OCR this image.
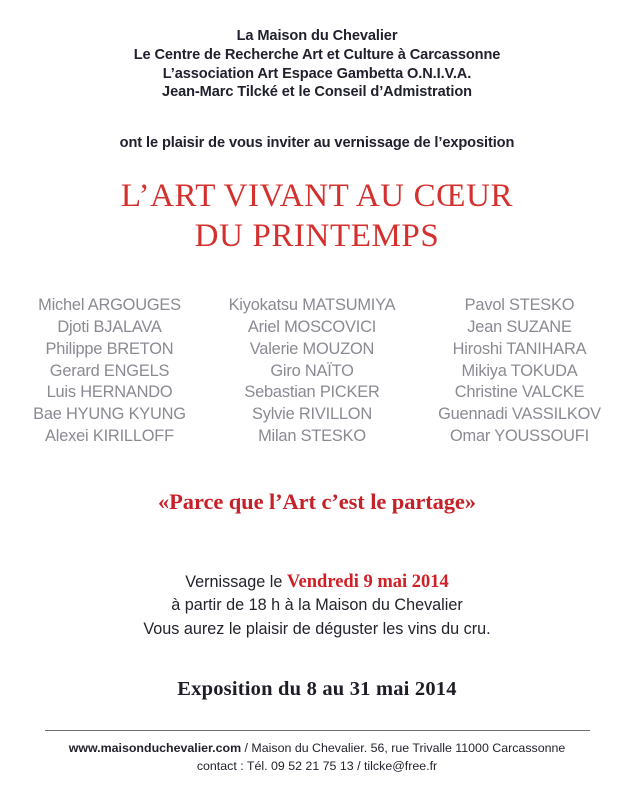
La Maison du Chevalier
Le Centre de Recherche Art et Culture à Carcassonne
L’association Art Espace Gambetta O.N.I.V.A.
Jean-Marc Tilcké et le Conseil d’Admistration
ont le plaisir de vous inviter au vernissage de l’exposition
L’ART VIVANT AU CŒUR
DU PRINTEMPS
Michel ARGOUGES
Djoti BJALAVA
Philippe BRETON
Gerard ENGELS
Luis HERNANDO
Bae HYUNG KYUNG
Alexei KIRILLOFF
Kiyokatsu MATSUMIYA
Ariel MOSCOVICI
Valerie MOUZON
Giro NAÏTO
Sebastian PICKER
Sylvie RIVILLON
Milan STESKO
Pavol STESKO
Jean SUZANE
Hiroshi TANIHARA
Mikiya TOKUDA
Christine VALCKE
Guennadi VASSILKOV
Omar YOUSSOUFI
«Parce que l’Art c’est le partage»
Vernissage le Vendredi 9 mai 2014
à partir de 18 h à la Maison du Chevalier
Vous aurez le plaisir de déguster les vins du cru.
Exposition du 8 au 31 mai 2014
www.maisonduchevalier.com / Maison du Chevalier. 56, rue Trivalle 11000 Carcassonne
contact : Tél. 09 52 21 75 13 / tilcke@free.fr
